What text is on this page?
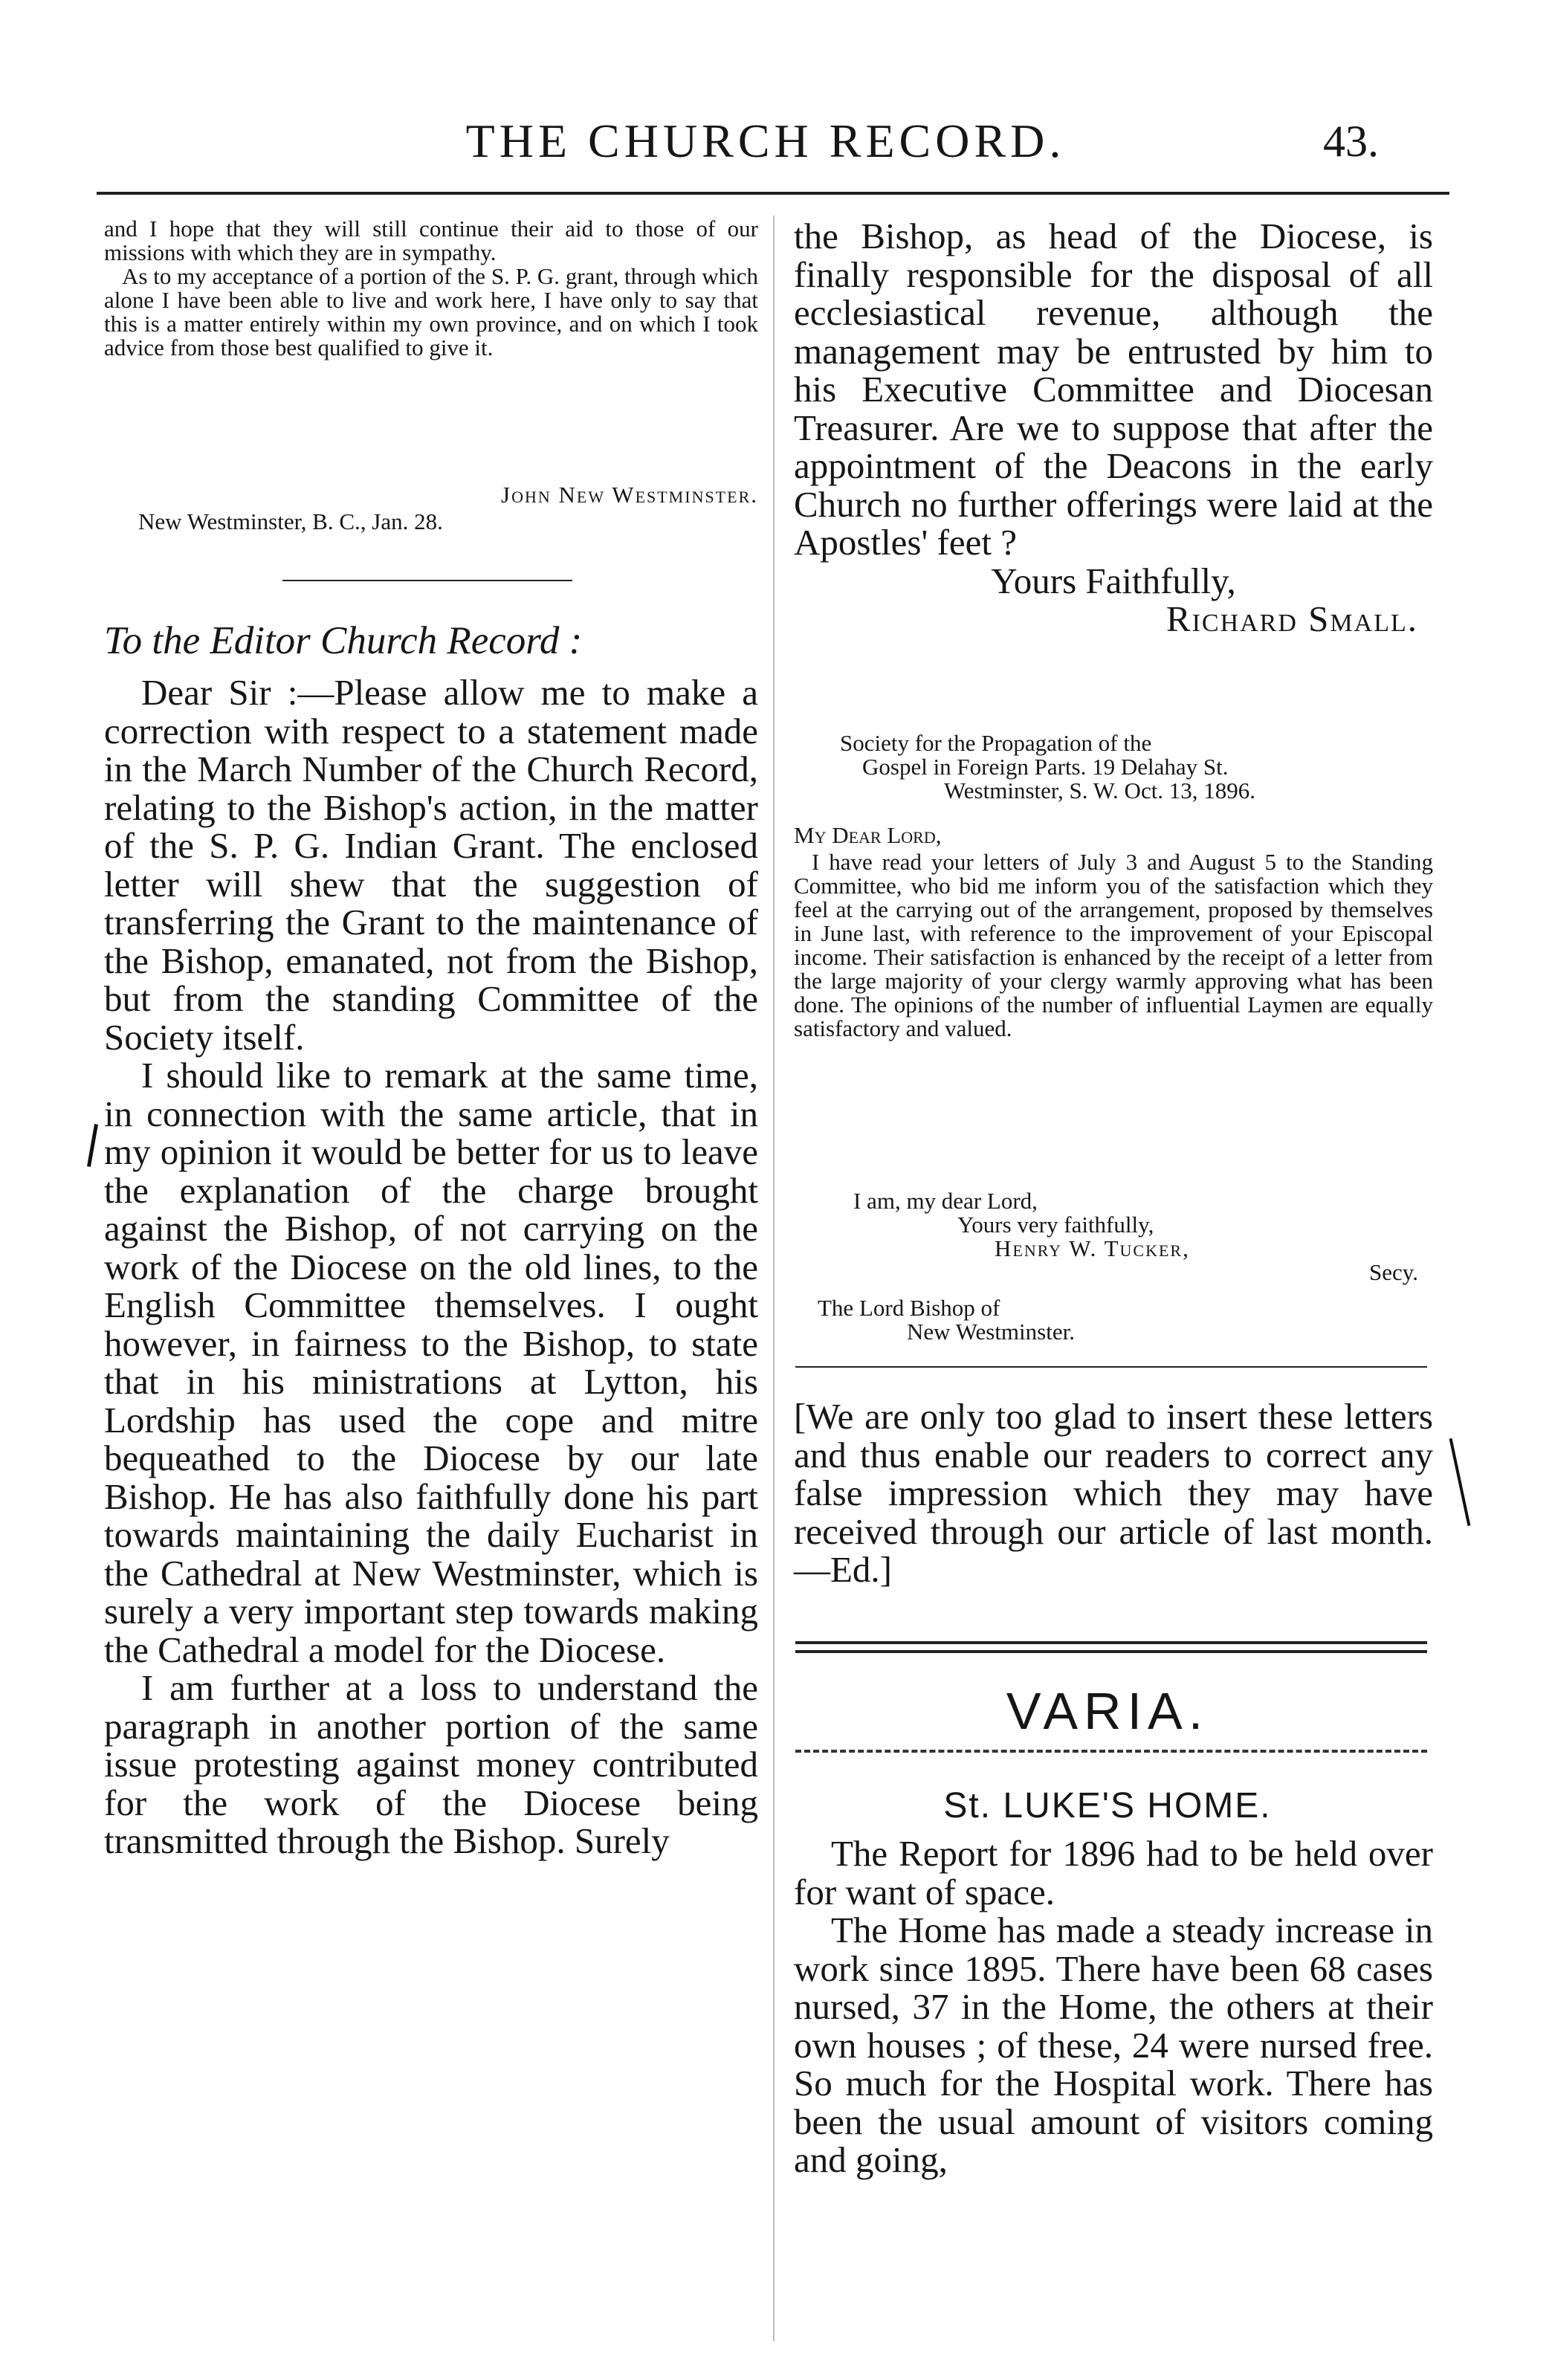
THE CHURCH RECORD.	43.

and I hope that they will still continue their aid to those of our missions with which they are in sympathy.

As to my acceptance of a portion of the S. P. G. grant, through which alone I have been able to live and work here, I have only to say that this is a matter entirely within my own province, and on which I took advice from those best qualified to give it.

John New Westminster.
New Westminster, B. C., Jan. 28.
To the Editor Church Record :

Dear Sir :—Please allow me to make a correction with respect to a statement made in the March Number of the Church Record, relating to the Bishop's action, in the matter of the S. P. G. Indian Grant. The enclosed letter will shew that the suggestion of transferring the Grant to the maintenance of the Bishop, emanated, not from the Bishop, but from the standing Committee of the Society itself.

I should like to remark at the same time, in connection with the same article, that in my opinion it would be better for us to leave the explanation of the charge brought against the Bishop, of not carrying on the work of the Diocese on the old lines, to the English Committee themselves. I ought however, in fairness to the Bishop, to state that in his ministrations at Lytton, his Lordship has used the cope and mitre bequeathed to the Diocese by our late Bishop. He has also faithfully done his part towards maintaining the daily Eucharist in the Cathedral at New Westminster, which is surely a very important step towards making the Cathedral a model for the Diocese.

I am further at a loss to understand the paragraph in another portion of the same issue protesting against money contributed for the work of the Diocese being transmitted through the Bishop. Surely

the Bishop, as head of the Diocese, is finally responsible for the disposal of all ecclesiastical revenue, although the management may be entrusted by him to his Executive Committee and Diocesan Treasurer. Are we to suppose that after the appointment of the Deacons in the early Church no further offerings were laid at the Apostles' feet ?

Yours Faithfully,

Richard Small.

Society for the Propagation of the

Gospel in Foreign Parts. 19 Delahay St.

Westminster, S. W. Oct. 13, 1896.

My Dear Lord,

I have read your letters of July 3 and August 5 to the Standing Committee, who bid me inform you of the satisfaction which they feel at the carrying out of the arrangement, proposed by themselves in June last, with reference to the improvement of your Episcopal income. Their satisfaction is enhanced by the receipt of a letter from the large majority of your clergy warmly approving what has been done. The opinions of the number of influential Laymen are equally satisfactory and valued.

I am, my dear Lord,

Yours very faithfully,

Henry W. Tucker,

Secy.

The Lord Bishop of

New Westminster.

[We are only too glad to insert these letters and thus enable our readers to correct any false impression which they may have received through our article of last month. —Ed.]

VARIA.
St. LUKE'S HOME.

The Report for 1896 had to be held over for want of space.

The Home has made a steady increase in work since 1895. There have been 68 cases nursed, 37 in the Home, the others at their own houses ; of these, 24 were nursed free. So much for the Hospital work. There has been the usual amount of visitors coming and going,
